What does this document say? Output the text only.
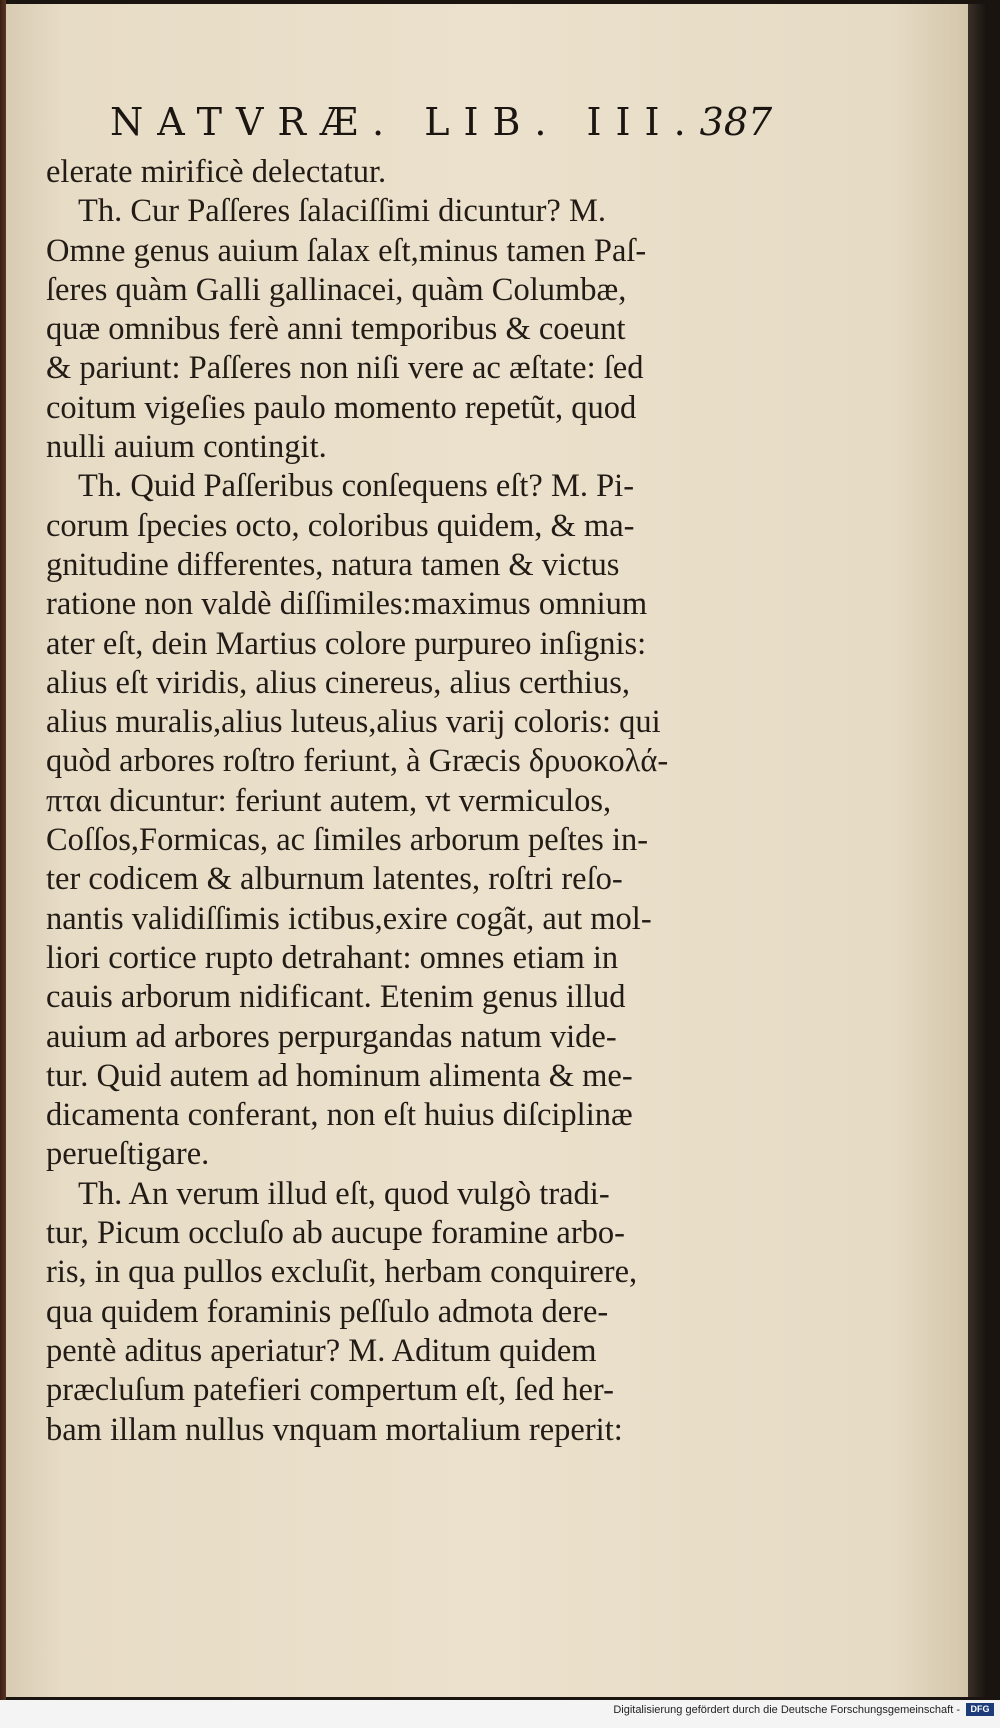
NATVRÆ. LIB. III. 387
elerate mirificè delectatur.
Th. Cur Paſſeres ſalaciſſimi dicuntur? M.
Omne genus auium ſalax eſt,minus tamen Paſ-
ſeres quàm Galli gallinacei, quàm Columbæ,
quæ omnibus ferè anni temporibus & coeunt
& pariunt: Paſſeres non niſi vere ac æſtate: ſed
coitum vigeſies paulo momento repetũt, quod
nulli auium contingit.
Th. Quid Paſſeribus conſequens eſt? M. Pi-
corum ſpecies octo, coloribus quidem, & ma-
gnitudine differentes, natura tamen & victus
ratione non valdè diſſimiles:maximus omnium
ater eſt, dein Martius colore purpureo inſignis:
alius eſt viridis, alius cinereus, alius certhius,
alius muralis,alius luteus,alius varij coloris: qui
quòd arbores roſtro feriunt, à Græcis δρυοκολά-
πται dicuntur: feriunt autem, vt vermiculos,
Coſſos,Formicas, ac ſimiles arborum peſtes in-
ter codicem & alburnum latentes, roſtri reſo-
nantis validiſſimis ictibus,exire cogãt, aut mol-
liori cortice rupto detrahant: omnes etiam in
cauis arborum nidificant. Etenim genus illud
auium ad arbores perpurgandas natum vide-
tur. Quid autem ad hominum alimenta & me-
dicamenta conferant, non eſt huius diſciplinæ
perueſtigare.
Th. An verum illud eſt, quod vulgò tradi-
tur, Picum occluſo ab aucupe foramine arbo-
ris, in qua pullos excluſit, herbam conquirere,
qua quidem foraminis peſſulo admota dere-
pentè aditus aperiatur? M. Aditum quidem
præcluſum patefieri compertum eſt, ſed her-
bam illam nullus vnquam mortalium reperit:
Digitalisierung gefördert durch die Deutsche Forschungsgemeinschaft -	DFG
